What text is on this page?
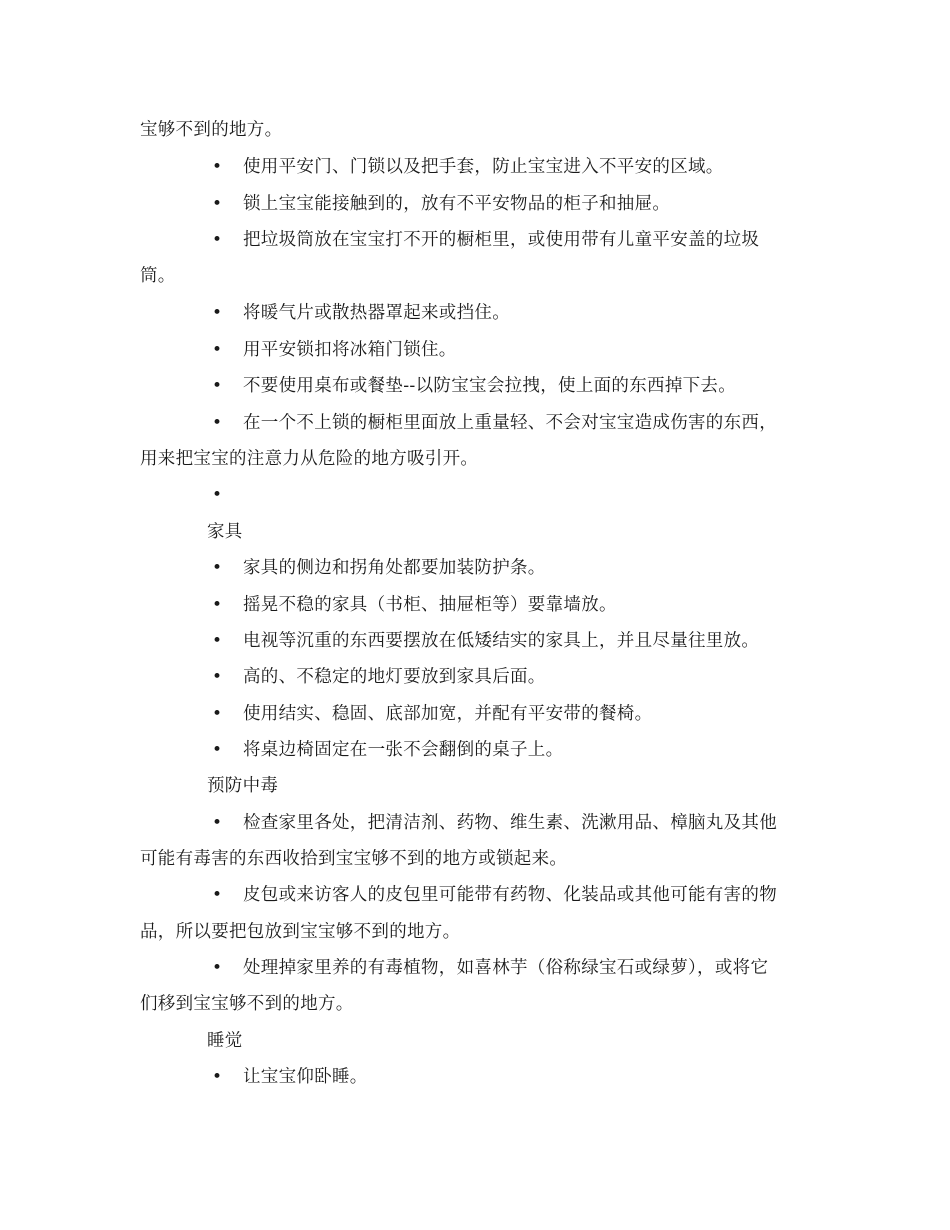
宝够不到的地方。
• 使用平安门、门锁以及把手套，防止宝宝进入不平安的区域。
• 锁上宝宝能接触到的，放有不平安物品的柜子和抽屉。
• 把垃圾筒放在宝宝打不开的橱柜里，或使用带有儿童平安盖的垃圾
筒。
• 将暖气片或散热器罩起来或挡住。
• 用平安锁扣将冰箱门锁住。
• 不要使用桌布或餐垫--以防宝宝会拉拽，使上面的东西掉下去。
• 在一个不上锁的橱柜里面放上重量轻、不会对宝宝造成伤害的东西，
用来把宝宝的注意力从危险的地方吸引开。
•
家具
• 家具的侧边和拐角处都要加装防护条。
• 摇晃不稳的家具（书柜、抽屉柜等）要靠墙放。
• 电视等沉重的东西要摆放在低矮结实的家具上，并且尽量往里放。
• 高的、不稳定的地灯要放到家具后面。
• 使用结实、稳固、底部加宽，并配有平安带的餐椅。
• 将桌边椅固定在一张不会翻倒的桌子上。
预防中毒
• 检查家里各处，把清洁剂、药物、维生素、洗漱用品、樟脑丸及其他
可能有毒害的东西收拾到宝宝够不到的地方或锁起来。
• 皮包或来访客人的皮包里可能带有药物、化装品或其他可能有害的物
品，所以要把包放到宝宝够不到的地方。
• 处理掉家里养的有毒植物，如喜林芋（俗称绿宝石或绿萝），或将它
们移到宝宝够不到的地方。
睡觉
• 让宝宝仰卧睡。
